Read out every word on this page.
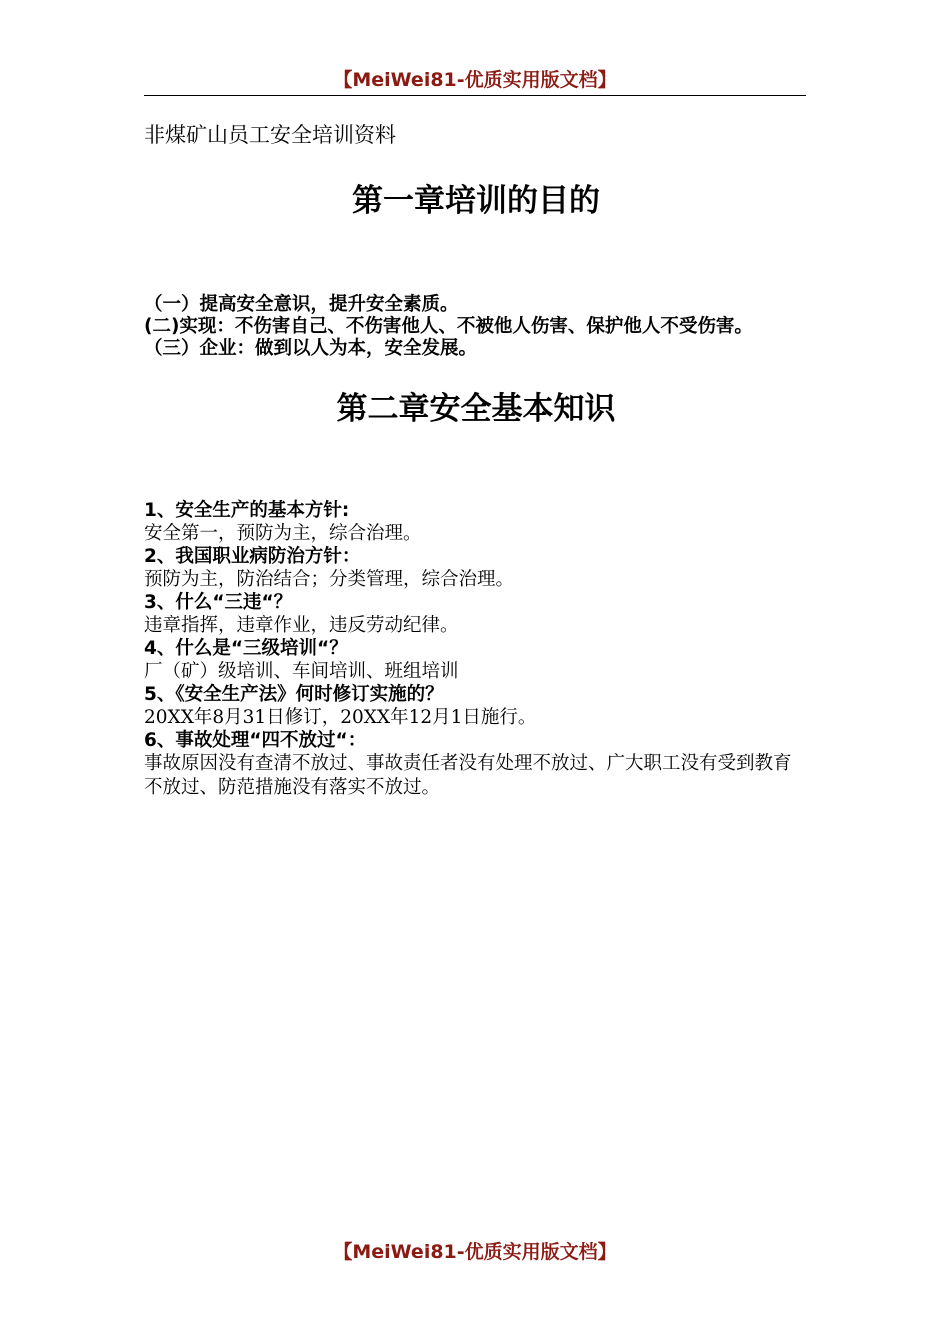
【MeiWei81-优质实用版文档】

非煤矿山员工安全培训资料

第一章培训的目的

（一）提高安全意识，提升安全素质。

(二)实现：不伤害自己、不伤害他人、不被他人伤害、保护他人不受伤害。

（三）企业：做到以人为本，安全发展。

第二章安全基本知识

1、安全生产的基本方针:

安全第一，预防为主，综合治理。

2、我国职业病防治方针：

预防为主，防治结合；分类管理，综合治理。

3、什么“三违“？

违章指挥，违章作业，违反劳动纪律。

4、什么是“三级培训“？

厂（矿）级培训、车间培训、班组培训

5、《安全生产法》何时修订实施的？

20XX年8月31日修订，20XX年12月1日施行。

6、事故处理“四不放过“：

事故原因没有查清不放过、事故责任者没有处理不放过、广大职工没有受到教育不放过、防范措施没有落实不放过。

【MeiWei81-优质实用版文档】
